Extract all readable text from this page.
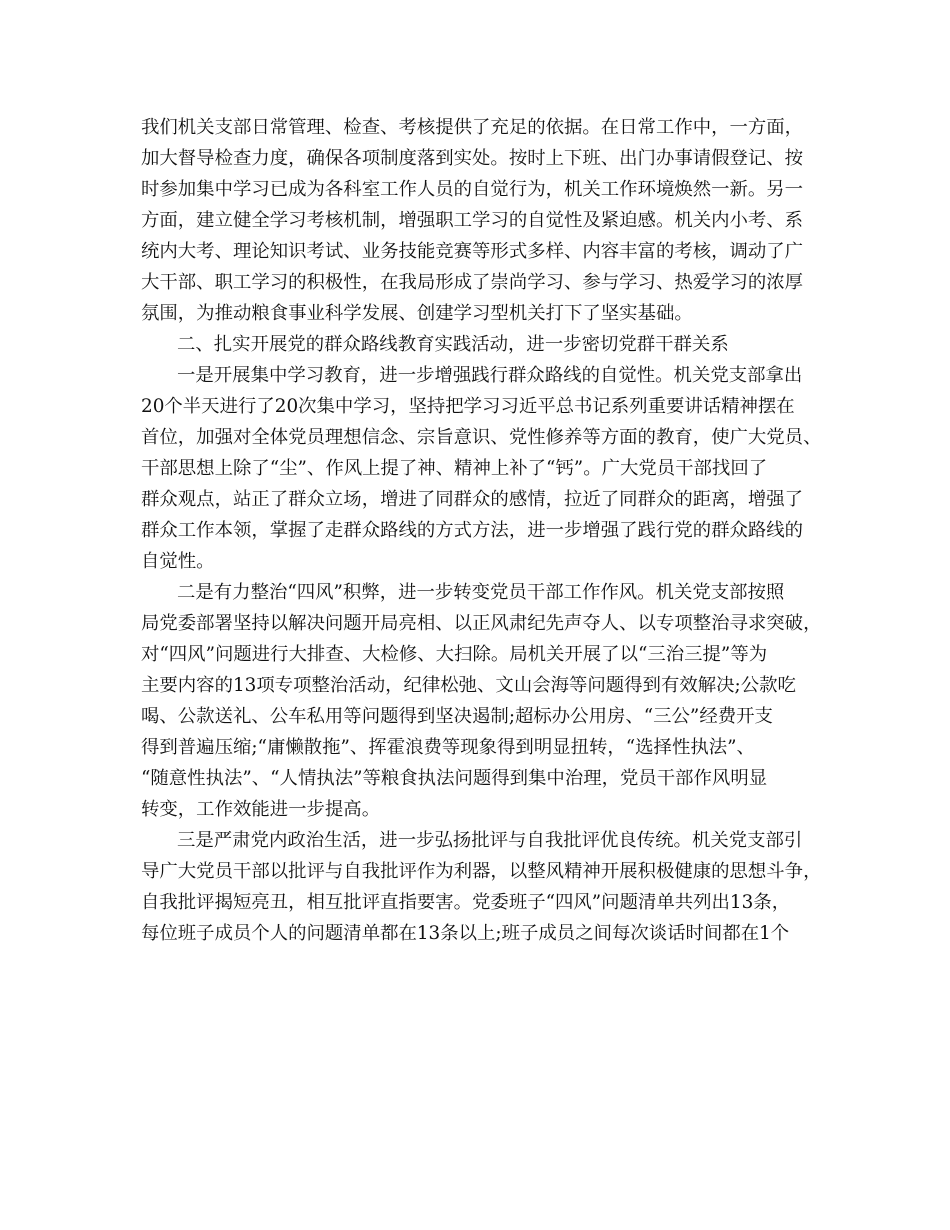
我们机关支部日常管理、检查、考核提供了充足的依据。在日常工作中，一方面，
加大督导检查力度，确保各项制度落到实处。按时上下班、出门办事请假登记、按
时参加集中学习已成为各科室工作人员的自觉行为，机关工作环境焕然一新。另一
方面，建立健全学习考核机制，增强职工学习的自觉性及紧迫感。机关内小考、系
统内大考、理论知识考试、业务技能竞赛等形式多样、内容丰富的考核，调动了广
大干部、职工学习的积极性，在我局形成了崇尚学习、参与学习、热爱学习的浓厚
氛围，为推动粮食事业科学发展、创建学习型机关打下了坚实基础。

二、扎实开展党的群众路线教育实践活动，进一步密切党群干群关系

一是开展集中学习教育，进一步增强践行群众路线的自觉性。机关党支部拿出
20个半天进行了20次集中学习，坚持把学习习近平总书记系列重要讲话精神摆在
首位，加强对全体党员理想信念、宗旨意识、党性修养等方面的教育，使广大党员、
干部思想上除了“尘”、作风上提了神、精神上补了“钙”。广大党员干部找回了
群众观点，站正了群众立场，增进了同群众的感情，拉近了同群众的距离，增强了
群众工作本领，掌握了走群众路线的方式方法，进一步增强了践行党的群众路线的
自觉性。

二是有力整治“四风”积弊，进一步转变党员干部工作作风。机关党支部按照
局党委部署坚持以解决问题开局亮相、以正风肃纪先声夺人、以专项整治寻求突破，
对“四风”问题进行大排查、大检修、大扫除。局机关开展了以“三治三提”等为
主要内容的13项专项整治活动，纪律松弛、文山会海等问题得到有效解决;公款吃
喝、公款送礼、公车私用等问题得到坚决遏制;超标办公用房、“三公”经费开支
得到普遍压缩;“庸懒散拖”、挥霍浪费等现象得到明显扭转，“选择性执法”、
“随意性执法”、“人情执法”等粮食执法问题得到集中治理，党员干部作风明显
转变，工作效能进一步提高。

三是严肃党内政治生活，进一步弘扬批评与自我批评优良传统。机关党支部引
导广大党员干部以批评与自我批评作为利器，以整风精神开展积极健康的思想斗争，
自我批评揭短亮丑，相互批评直指要害。党委班子“四风”问题清单共列出13条，
每位班子成员个人的问题清单都在13条以上;班子成员之间每次谈话时间都在1个
